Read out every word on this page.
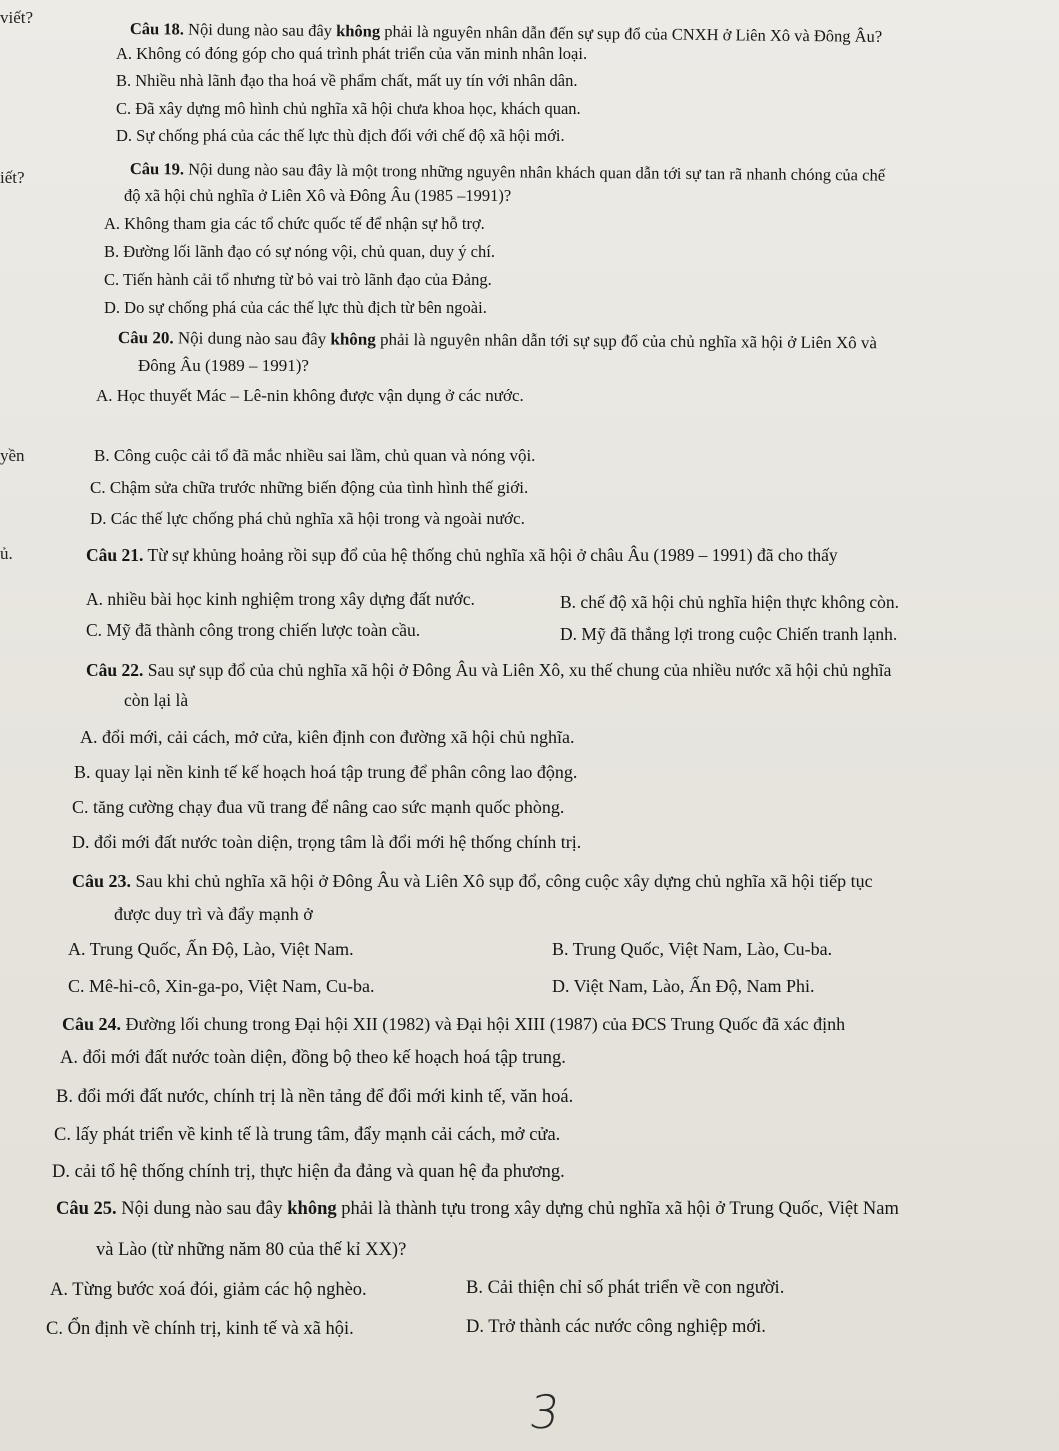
viết?
iết?
yền
ủ.
Câu 18. Nội dung nào sau đây không phải là nguyên nhân dẫn đến sự sụp đổ của CNXH ở Liên Xô và Đông Âu?
A. Không có đóng góp cho quá trình phát triển của văn minh nhân loại.
B. Nhiều nhà lãnh đạo tha hoá về phẩm chất, mất uy tín với nhân dân.
C. Đã xây dựng mô hình chủ nghĩa xã hội chưa khoa học, khách quan.
D. Sự chống phá của các thế lực thù địch đối với chế độ xã hội mới.
Câu 19. Nội dung nào sau đây là một trong những nguyên nhân khách quan dẫn tới sự tan rã nhanh chóng của chế
độ xã hội chủ nghĩa ở Liên Xô và Đông Âu (1985 –1991)?
A. Không tham gia các tổ chức quốc tế để nhận sự hỗ trợ.
B. Đường lối lãnh đạo có sự nóng vội, chủ quan, duy ý chí.
C. Tiến hành cải tổ nhưng từ bỏ vai trò lãnh đạo của Đảng.
D. Do sự chống phá của các thế lực thù địch từ bên ngoài.
Câu 20. Nội dung nào sau đây không phải là nguyên nhân dẫn tới sự sụp đổ của chủ nghĩa xã hội ở Liên Xô và
Đông Âu (1989 – 1991)?
A. Học thuyết Mác – Lê-nin không được vận dụng ở các nước.
B. Công cuộc cải tổ đã mắc nhiều sai lầm, chủ quan và nóng vội.
C. Chậm sửa chữa trước những biến động của tình hình thế giới.
D. Các thế lực chống phá chủ nghĩa xã hội trong và ngoài nước.
Câu 21. Từ sự khủng hoảng rồi sụp đổ của hệ thống chủ nghĩa xã hội ở châu Âu (1989 – 1991) đã cho thấy
A. nhiều bài học kinh nghiệm trong xây dựng đất nước.	B. chế độ xã hội chủ nghĩa hiện thực không còn.
C. Mỹ đã thành công trong chiến lược toàn cầu.	D. Mỹ đã thắng lợi trong cuộc Chiến tranh lạnh.
Câu 22. Sau sự sụp đổ của chủ nghĩa xã hội ở Đông Âu và Liên Xô, xu thế chung của nhiều nước xã hội chủ nghĩa
còn lại là
A. đổi mới, cải cách, mở cửa, kiên định con đường xã hội chủ nghĩa.
B. quay lại nền kinh tế kế hoạch hoá tập trung để phân công lao động.
C. tăng cường chạy đua vũ trang để nâng cao sức mạnh quốc phòng.
D. đổi mới đất nước toàn diện, trọng tâm là đổi mới hệ thống chính trị.
Câu 23. Sau khi chủ nghĩa xã hội ở Đông Âu và Liên Xô sụp đổ, công cuộc xây dựng chủ nghĩa xã hội tiếp tục
được duy trì và đẩy mạnh ở
A. Trung Quốc, Ấn Độ, Lào, Việt Nam.	B. Trung Quốc, Việt Nam, Lào, Cu-ba.
C. Mê-hi-cô, Xin-ga-po, Việt Nam, Cu-ba.	D. Việt Nam, Lào, Ấn Độ, Nam Phi.
Câu 24. Đường lối chung trong Đại hội XII (1982) và Đại hội XIII (1987) của ĐCS Trung Quốc đã xác định
A. đổi mới đất nước toàn diện, đồng bộ theo kế hoạch hoá tập trung.
B. đổi mới đất nước, chính trị là nền tảng để đổi mới kinh tế, văn hoá.
C. lấy phát triển về kinh tế là trung tâm, đẩy mạnh cải cách, mở cửa.
D. cải tổ hệ thống chính trị, thực hiện đa đảng và quan hệ đa phương.
Câu 25. Nội dung nào sau đây không phải là thành tựu trong xây dựng chủ nghĩa xã hội ở Trung Quốc, Việt Nam
và Lào (từ những năm 80 của thế kỉ XX)?
A. Từng bước xoá đói, giảm các hộ nghèo.	B. Cải thiện chỉ số phát triển về con người.
C. Ổn định về chính trị, kinh tế và xã hội.	D. Trở thành các nước công nghiệp mới.
3
